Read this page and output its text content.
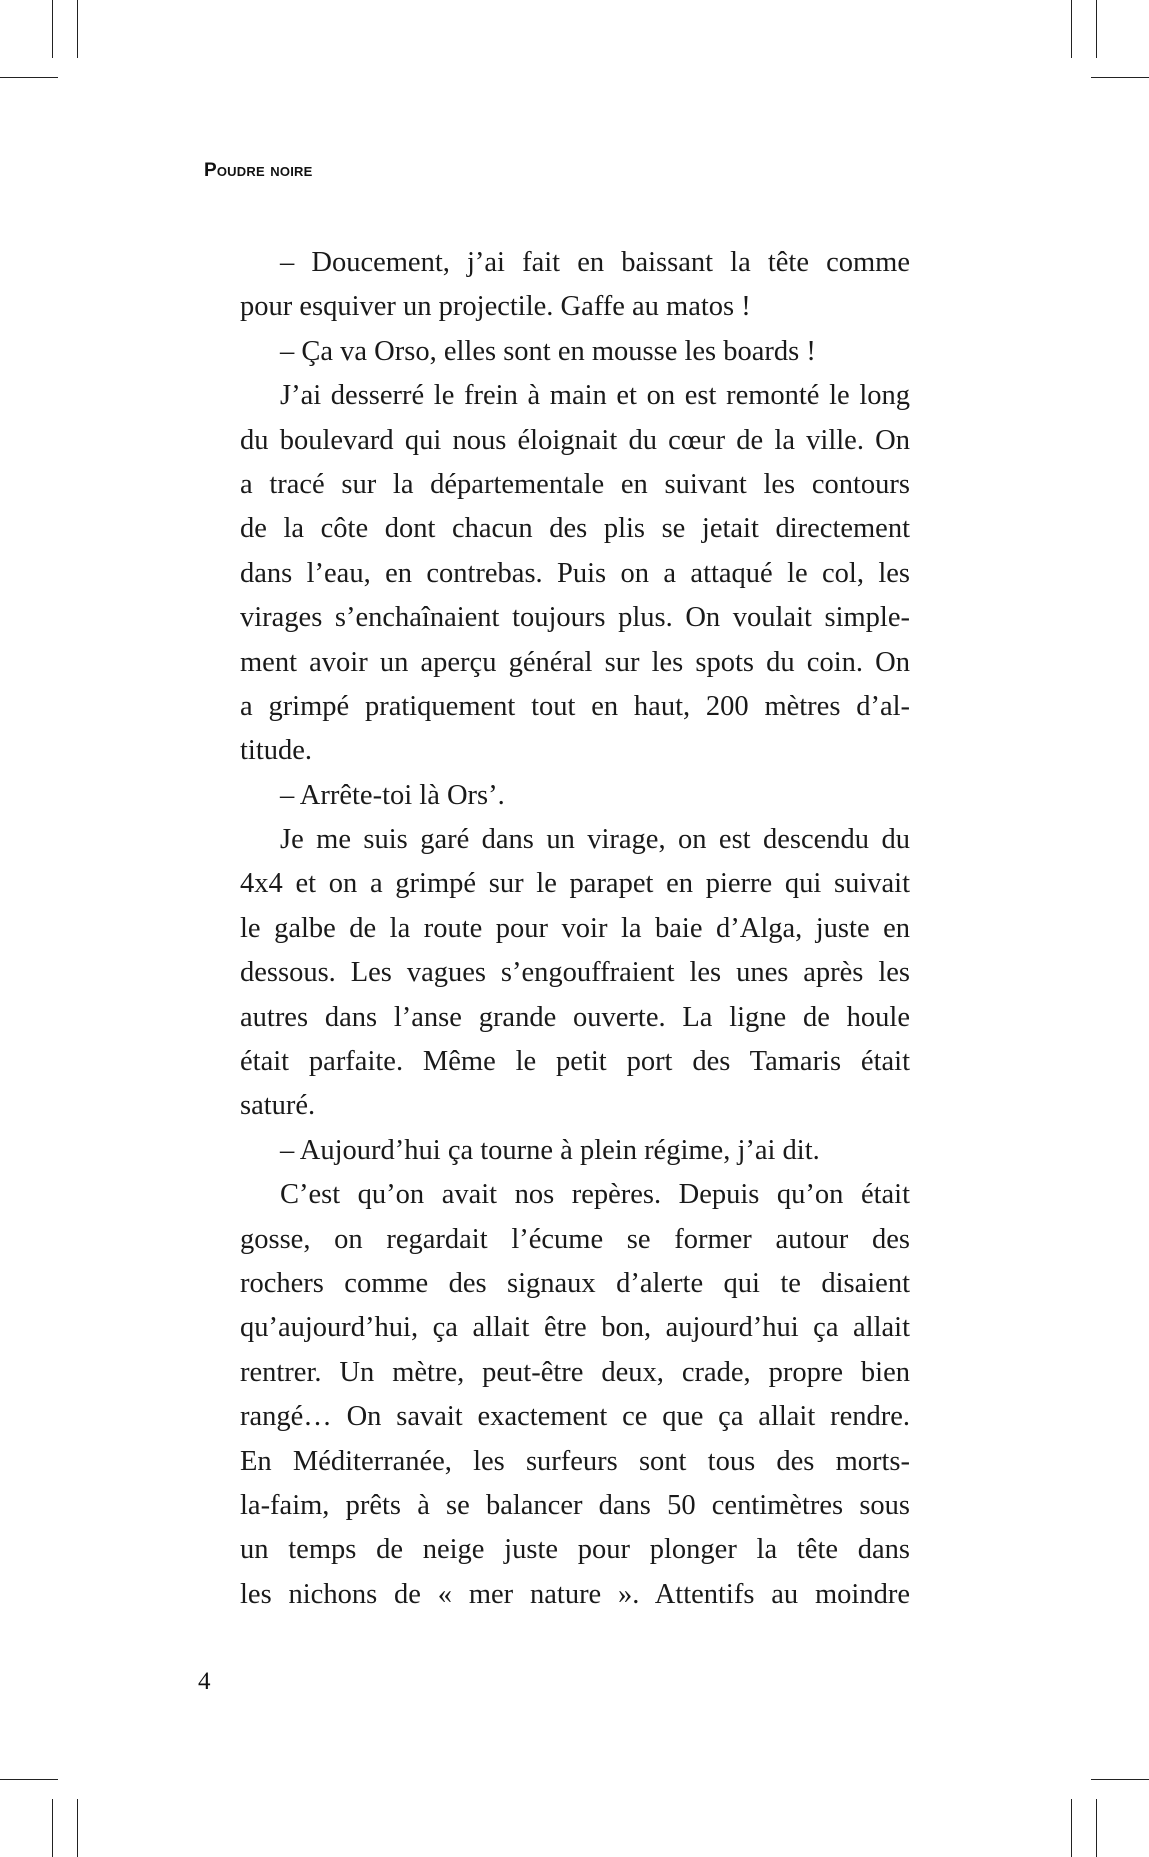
Poudre noire
– Doucement, j’ai fait en baissant la tête comme
pour esquiver un projectile. Gaffe au matos !
– Ça va Orso, elles sont en mousse les boards !
J’ai desserré le frein à main et on est remonté le long
du boulevard qui nous éloignait du cœur de la ville. On
a tracé sur la départementale en suivant les contours
de la côte dont chacun des plis se jetait directement
dans l’eau, en contrebas. Puis on a attaqué le col, les
virages s’enchaînaient toujours plus. On voulait simple-
ment avoir un aperçu général sur les spots du coin. On
a grimpé pratiquement tout en haut, 200 mètres d’al-
titude.
– Arrête-toi là Ors’.
Je me suis garé dans un virage, on est descendu du
4x4 et on a grimpé sur le parapet en pierre qui suivait
le galbe de la route pour voir la baie d’Alga, juste en
dessous. Les vagues s’engouffraient les unes après les
autres dans l’anse grande ouverte. La ligne de houle
était parfaite. Même le petit port des Tamaris était
saturé.
– Aujourd’hui ça tourne à plein régime, j’ai dit.
C’est qu’on avait nos repères. Depuis qu’on était
gosse, on regardait l’écume se former autour des
rochers comme des signaux d’alerte qui te disaient
qu’aujourd’hui, ça allait être bon, aujourd’hui ça allait
rentrer. Un mètre, peut-être deux, crade, propre bien
rangé… On savait exactement ce que ça allait rendre.
En Méditerranée, les surfeurs sont tous des morts-
la-faim, prêts à se balancer dans 50 centimètres sous
un temps de neige juste pour plonger la tête dans
les nichons de « mer nature ». Attentifs au moindre
4
